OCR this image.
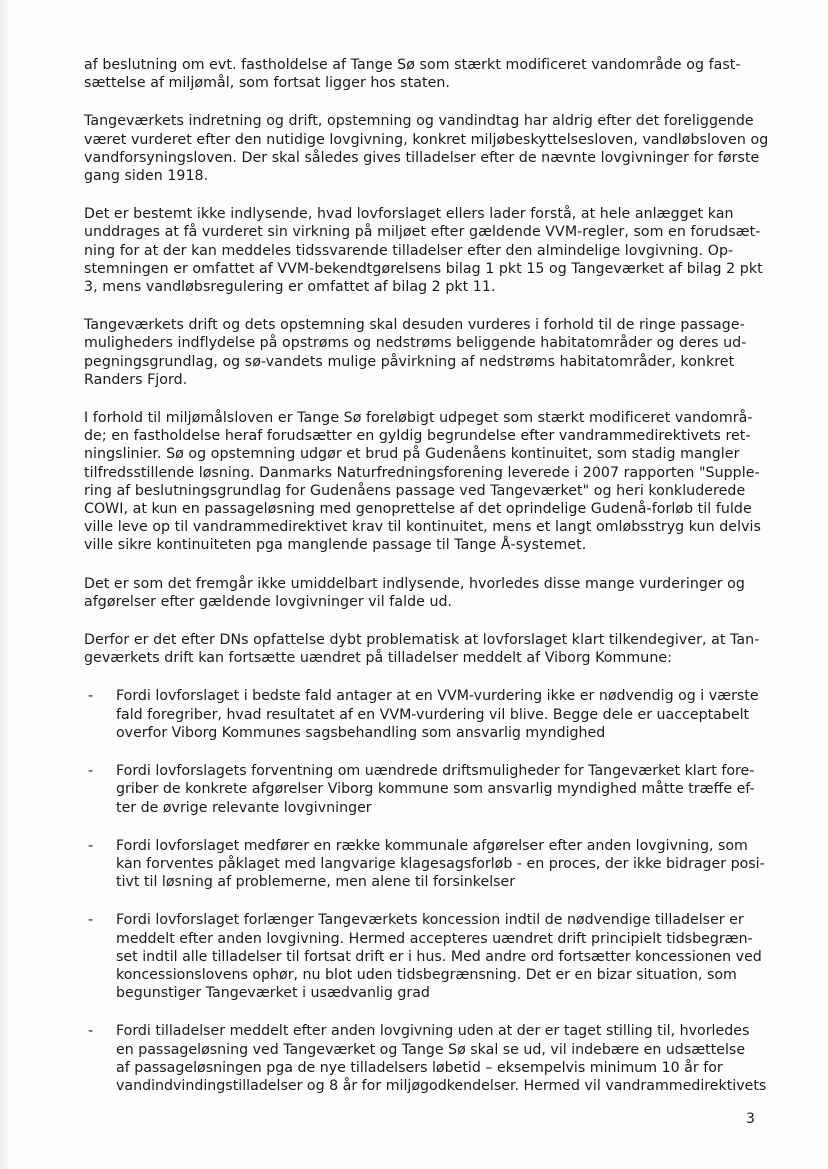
af beslutning om evt. fastholdelse af Tange Sø som stærkt modificeret vandområde og fast-
sættelse af miljømål, som fortsat ligger hos staten.

Tangeværkets indretning og drift, opstemning og vandindtag har aldrig efter det foreliggende
været vurderet efter den nutidige lovgivning, konkret miljøbeskyttelsesloven, vandløbsloven og
vandforsyningsloven. Der skal således gives tilladelser efter de nævnte lovgivninger for første
gang siden 1918.

Det er bestemt ikke indlysende, hvad lovforslaget ellers lader forstå, at hele anlægget kan
unddrages at få vurderet sin virkning på miljøet efter gældende VVM-regler, som en forudsæt-
ning for at der kan meddeles tidssvarende tilladelser efter den almindelige lovgivning. Op-
stemningen er omfattet af VVM-bekendtgørelsens bilag 1 pkt 15 og Tangeværket af bilag 2 pkt
3, mens vandløbsregulering er omfattet af bilag 2 pkt 11.

Tangeværkets drift og dets opstemning skal desuden vurderes i forhold til de ringe passage-
muligheders indflydelse på opstrøms og nedstrøms beliggende habitatområder og deres ud-
pegningsgrundlag, og sø-vandets mulige påvirkning af nedstrøms habitatområder, konkret
Randers Fjord.

I forhold til miljømålsloven er Tange Sø foreløbigt udpeget som stærkt modificeret vandområ-
de; en fastholdelse heraf forudsætter en gyldig begrundelse efter vandrammedirektivets ret-
ningslinier. Sø og opstemning udgør et brud på Gudenåens kontinuitet, som stadig mangler
tilfredsstillende løsning. Danmarks Naturfredningsforening leverede i 2007 rapporten "Supple-
ring af beslutningsgrundlag for Gudenåens passage ved Tangeværket" og heri konkluderede
COWI, at kun en passageløsning med genoprettelse af det oprindelige Gudenå-forløb til fulde
ville leve op til vandrammedirektivet krav til kontinuitet, mens et langt omløbsstryg kun delvis
ville sikre kontinuiteten pga manglende passage til Tange Å-systemet.

Det er som det fremgår ikke umiddelbart indlysende, hvorledes disse mange vurderinger og
afgørelser efter gældende lovgivninger vil falde ud.

Derfor er det efter DNs opfattelse dybt problematisk at lovforslaget klart tilkendegiver, at Tan-
geværkets drift kan fortsætte uændret på tilladelser meddelt af Viborg Kommune:

- Fordi lovforslaget i bedste fald antager at en VVM-vurdering ikke er nødvendig og i værste
fald foregriber, hvad resultatet af en VVM-vurdering vil blive. Begge dele er uacceptabelt
overfor Viborg Kommunes sagsbehandling som ansvarlig myndighed
- Fordi lovforslagets forventning om uændrede driftsmuligheder for Tangeværket klart fore-
griber de konkrete afgørelser Viborg kommune som ansvarlig myndighed måtte træffe ef-
ter de øvrige relevante lovgivninger
- Fordi lovforslaget medfører en række kommunale afgørelser efter anden lovgivning, som
kan forventes påklaget med langvarige klagesagsforløb - en proces, der ikke bidrager posi-
tivt til løsning af problemerne, men alene til forsinkelser
- Fordi lovforslaget forlænger Tangeværkets koncession indtil de nødvendige tilladelser er
meddelt efter anden lovgivning. Hermed accepteres uændret drift principielt tidsbegræn-
set indtil alle tilladelser til fortsat drift er i hus. Med andre ord fortsætter koncessionen ved
koncessionslovens ophør, nu blot uden tidsbegrænsning. Det er en bizar situation, som
begunstiger Tangeværket i usædvanlig grad
- Fordi tilladelser meddelt efter anden lovgivning uden at der er taget stilling til, hvorledes
en passageløsning ved Tangeværket og Tange Sø skal se ud, vil indebære en udsættelse
af passageløsningen pga de nye tilladelsers løbetid – eksempelvis minimum 10 år for
vandindvindingstilladelser og 8 år for miljøgodkendelser. Hermed vil vandrammedirektivets
3
